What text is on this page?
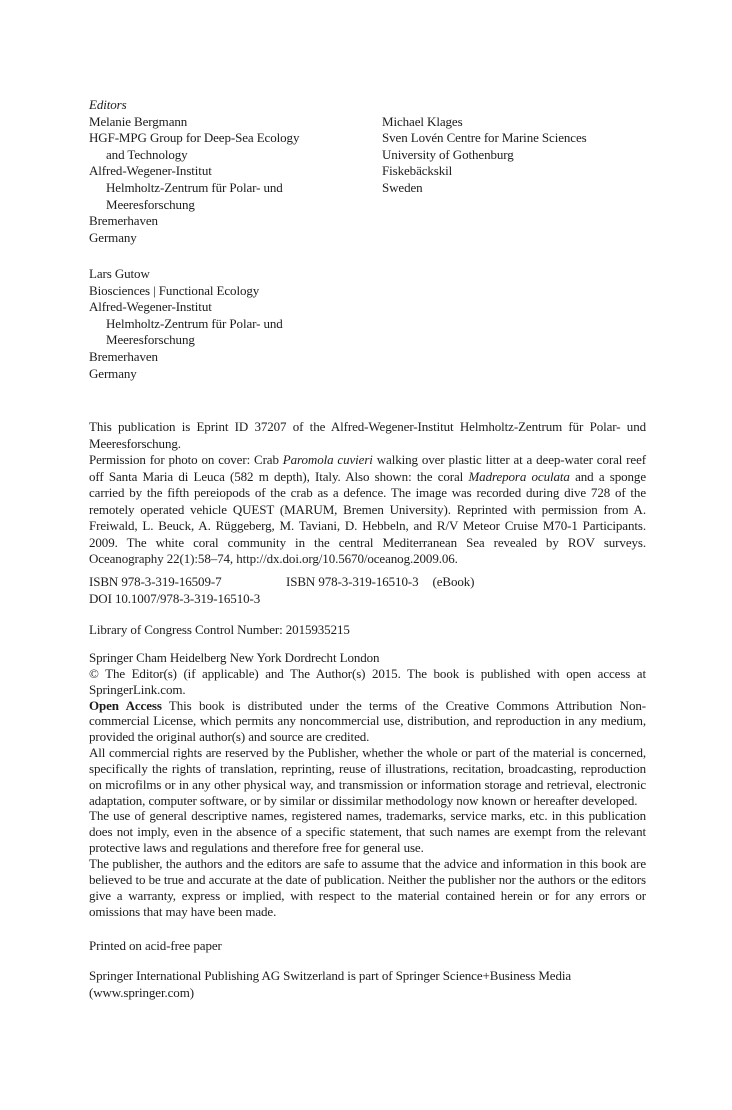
Editors
Melanie Bergmann
HGF-MPG Group for Deep-Sea Ecology
and Technology
Alfred-Wegener-Institut
Helmholtz-Zentrum für Polar- und
Meeresforschung
Bremerhaven
Germany
Michael Klages
Sven Lovén Centre for Marine Sciences
University of Gothenburg
Fiskebäckskil
Sweden
Lars Gutow
Biosciences | Functional Ecology
Alfred-Wegener-Institut
Helmholtz-Zentrum für Polar- und
Meeresforschung
Bremerhaven
Germany

This publication is Eprint ID 37207 of the Alfred-Wegener-Institut Helmholtz-Zentrum für Polar- und Meeresforschung.

Permission for photo on cover: Crab Paromola cuvieri walking over plastic litter at a deep-water coral reef off Santa Maria di Leuca (582 m depth), Italy. Also shown: the coral Madrepora oculata and a sponge carried by the fifth pereiopods of the crab as a defence. The image was recorded during dive 728 of the remotely operated vehicle QUEST (MARUM, Bremen University). Reprinted with permission from A. Freiwald, L. Beuck, A. Rüggeberg, M. Taviani, D. Hebbeln, and R/V Meteor Cruise M70-1 Participants. 2009. The white coral community in the central Mediterranean Sea revealed by ROV surveys. Oceanography 22(1):58–74, http://dx.doi.org/10.5670/oceanog.2009.06.

ISBN 978-3-319-16509-7	ISBN 978-3-319-16510-3 (eBook)
DOI 10.1007/978-3-319-16510-3
Library of Congress Control Number: 2015935215

Springer Cham Heidelberg New York Dordrecht London

© The Editor(s) (if applicable) and The Author(s) 2015. The book is published with open access at SpringerLink.com.

Open Access This book is distributed under the terms of the Creative Commons Attribution Non-commercial License, which permits any noncommercial use, distribution, and reproduction in any medium, provided the original author(s) and source are credited.

All commercial rights are reserved by the Publisher, whether the whole or part of the material is concerned, specifically the rights of translation, reprinting, reuse of illustrations, recitation, broadcasting, reproduction on microfilms or in any other physical way, and transmission or information storage and retrieval, electronic adaptation, computer software, or by similar or dissimilar methodology now known or hereafter developed.

The use of general descriptive names, registered names, trademarks, service marks, etc. in this publication does not imply, even in the absence of a specific statement, that such names are exempt from the relevant protective laws and regulations and therefore free for general use.

The publisher, the authors and the editors are safe to assume that the advice and information in this book are believed to be true and accurate at the date of publication. Neither the publisher nor the authors or the editors give a warranty, express or implied, with respect to the material contained herein or for any errors or omissions that may have been made.

Printed on acid-free paper

Springer International Publishing AG Switzerland is part of Springer Science+Business Media

(www.springer.com)
